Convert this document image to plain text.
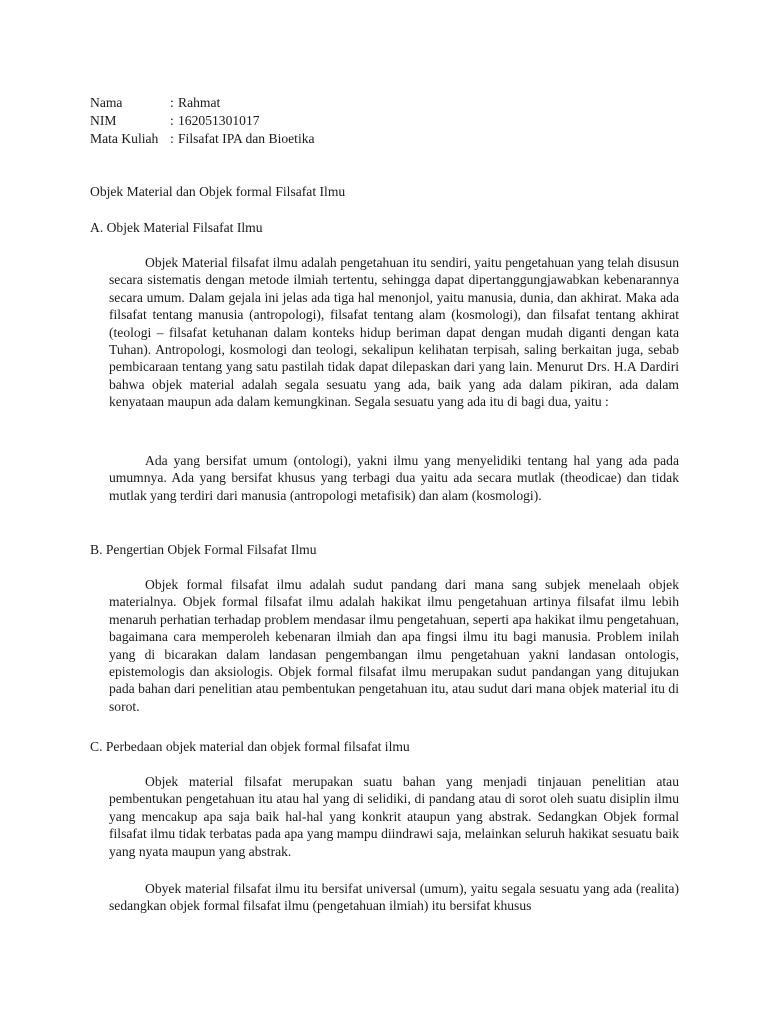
Nama	: Rahmat
NIM	: 162051301017
Mata Kuliah : Filsafat IPA dan Bioetika
Objek Material dan Objek formal Filsafat Ilmu
A. Objek Material Filsafat Ilmu

Objek Material filsafat ilmu adalah pengetahuan itu sendiri, yaitu pengetahuan yang telah disusun secara sistematis dengan metode ilmiah tertentu, sehingga dapat dipertanggungjawabkan kebenarannya secara umum. Dalam gejala ini jelas ada tiga hal menonjol, yaitu manusia, dunia, dan akhirat. Maka ada filsafat tentang manusia (antropologi), filsafat tentang alam (kosmologi), dan filsafat tentang akhirat (teologi – filsafat ketuhanan dalam konteks hidup beriman dapat dengan mudah diganti dengan kata Tuhan). Antropologi, kosmologi dan teologi, sekalipun kelihatan terpisah, saling berkaitan juga, sebab pembicaraan tentang yang satu pastilah tidak dapat dilepaskan dari yang lain. Menurut Drs. H.A Dardiri bahwa objek material adalah segala sesuatu yang ada, baik yang ada dalam pikiran, ada dalam kenyataan maupun ada dalam kemungkinan. Segala sesuatu yang ada itu di bagi dua, yaitu :

Ada yang bersifat umum (ontologi), yakni ilmu yang menyelidiki tentang hal yang ada pada umumnya. Ada yang bersifat khusus yang terbagi dua yaitu ada secara mutlak (theodicae) dan tidak mutlak yang terdiri dari manusia (antropologi metafisik) dan alam (kosmologi).

B. Pengertian Objek Formal Filsafat Ilmu

Objek formal filsafat ilmu adalah sudut pandang dari mana sang subjek menelaah objek materialnya. Objek formal filsafat ilmu adalah hakikat ilmu pengetahuan artinya filsafat ilmu lebih menaruh perhatian terhadap problem mendasar ilmu pengetahuan, seperti apa hakikat ilmu pengetahuan, bagaimana cara memperoleh kebenaran ilmiah dan apa fingsi ilmu itu bagi manusia. Problem inilah yang di bicarakan dalam landasan pengembangan ilmu pengetahuan yakni landasan ontologis, epistemologis dan aksiologis. Objek formal filsafat ilmu merupakan sudut pandangan yang ditujukan pada bahan dari penelitian atau pembentukan pengetahuan itu, atau sudut dari mana objek material itu di sorot.

C. Perbedaan objek material dan objek formal filsafat ilmu

Objek material filsafat merupakan suatu bahan yang menjadi tinjauan penelitian atau pembentukan pengetahuan itu atau hal yang di selidiki, di pandang atau di sorot oleh suatu disiplin ilmu yang mencakup apa saja baik hal-hal yang konkrit ataupun yang abstrak. Sedangkan Objek formal filsafat ilmu tidak terbatas pada apa yang mampu diindrawi saja, melainkan seluruh hakikat sesuatu baik yang nyata maupun yang abstrak.

Obyek material filsafat ilmu itu bersifat universal (umum), yaitu segala sesuatu yang ada (realita) sedangkan objek formal filsafat ilmu (pengetahuan ilmiah) itu bersifat khusus
